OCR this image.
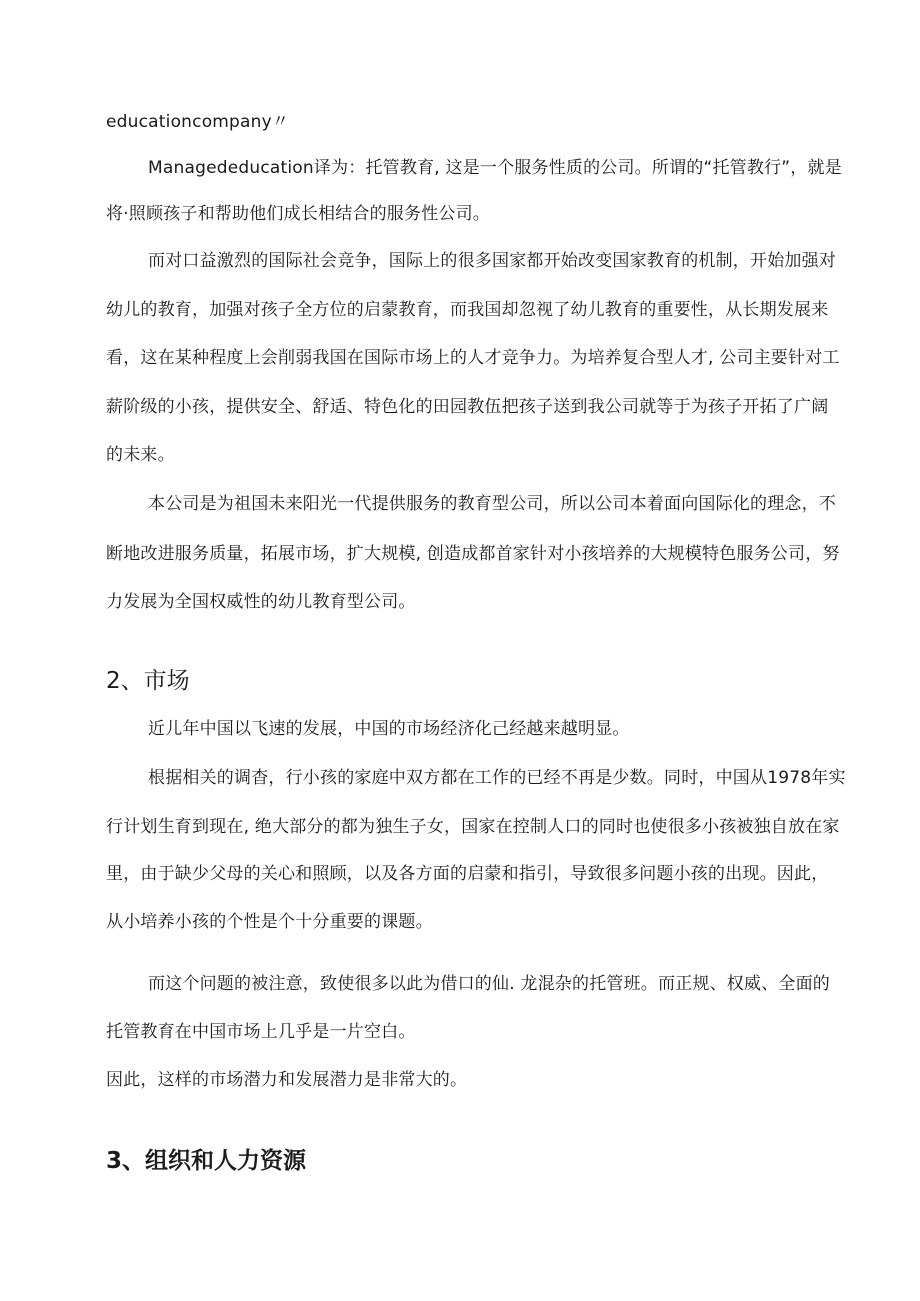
educationcompany〃
Managededucation译为：托管教育, 这是一个服务性质的公司。所谓的“托管教行”，就是
将·照顾孩子和帮助他们成长相结合的服务性公司。
而对口益激烈的国际社会竞争，国际上的很多国家都开始改变国家教育的机制，开始加强对
幼儿的教育，加强对孩子全方位的启蒙教育，而我国却忽视了幼儿教育的重要性，从长期发展来
看，这在某种程度上会削弱我国在国际市场上的人才竞争力。为培养复合型人才, 公司主要针对工
薪阶级的小孩，提供安全、舒适、特色化的田园教伍把孩子送到我公司就等于为孩子开拓了广阔
的未来。
本公司是为祖国未来阳光一代提供服务的教育型公司，所以公司本着面向国际化的理念，不
断地改进服务质量，拓展市场，扩大规模, 创造成都首家针对小孩培养的大规模特色服务公司，努
力发展为全国权威性的幼儿教育型公司。
2、市场
近儿年中国以飞速的发展，中国的市场经济化己经越来越明显。
根据相关的调杳，行小孩的家庭中双方都在工作的已经不再是少数。同时，中国从1978年实
行计划生育到现在, 绝大部分的都为独生子女，国家在控制人口的同时也使很多小孩被独自放在家
里，由于缺少父母的关心和照顾，以及各方面的启蒙和指引，导致很多问题小孩的出现。因此，
从小培养小孩的个性是个十分重要的课题。
而这个问题的被注意，致使很多以此为借口的仙. 龙混杂的托管班。而正规、权威、全面的
托管教育在中国市场上几乎是一片空白。
因此，这样的市场潜力和发展潜力是非常大的。
3、组织和人力资源
